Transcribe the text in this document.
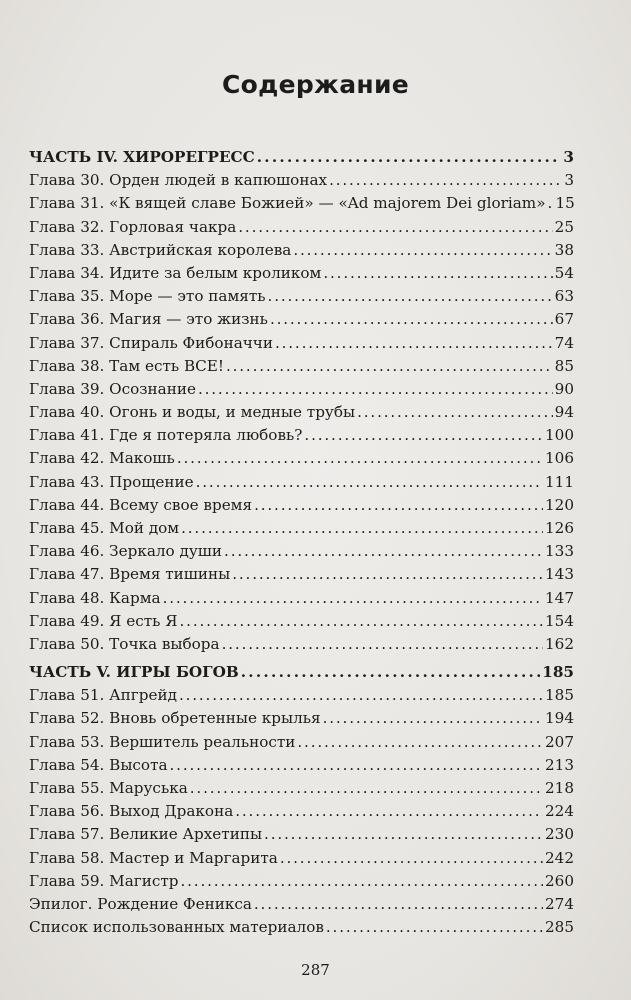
Содержание
ЧАСТЬ IV. ХИРОРЕГРЕСС . . .	3
Глава 30. Орден людей в капюшонах . . .	3
Глава 31. «К вящей славе Божией» — «Ad majorem Dei gloriam» . . . 15
Глава 32. Горловая чакра . . .	25
Глава 33. Австрийская королева . . .	38
Глава 34. Идите за белым кроликом . . .	54
Глава 35. Море — это память . . .	63
Глава 36. Магия — это жизнь . . .	67
Глава 37. Спираль Фибоначчи . . .	74
Глава 38. Там есть ВСЕ! . . .	85
Глава 39. Осознание . . .	90
Глава 40. Огонь и воды, и медные трубы . . .	94
Глава 41. Где я потеряла любовь? . . .	100
Глава 42. Макошь . . .	106
Глава 43. Прощение . . .	111
Глава 44. Всему свое время . . .	120
Глава 45. Мой дом . . .	126
Глава 46. Зеркало души . . .	133
Глава 47. Время тишины . . .	143
Глава 48. Карма . . .	147
Глава 49. Я есть Я . . .	154
Глава 50. Точка выбора . . .	162
ЧАСТЬ V. ИГРЫ БОГОВ . . .	185
Глава 51. Апгрейд . . .	185
Глава 52. Вновь обретенные крылья . . .	194
Глава 53. Вершитель реальности . . .	207
Глава 54. Высота . . .	213
Глава 55. Маруська . . .	218
Глава 56. Выход Дракона . . .	224
Глава 57. Великие Архетипы . . .	230
Глава 58. Мастер и Маргарита . . .	242
Глава 59. Магистр . . .	260
Эпилог. Рождение Феникса . . .	274
Список использованных материалов . . .	285
287
